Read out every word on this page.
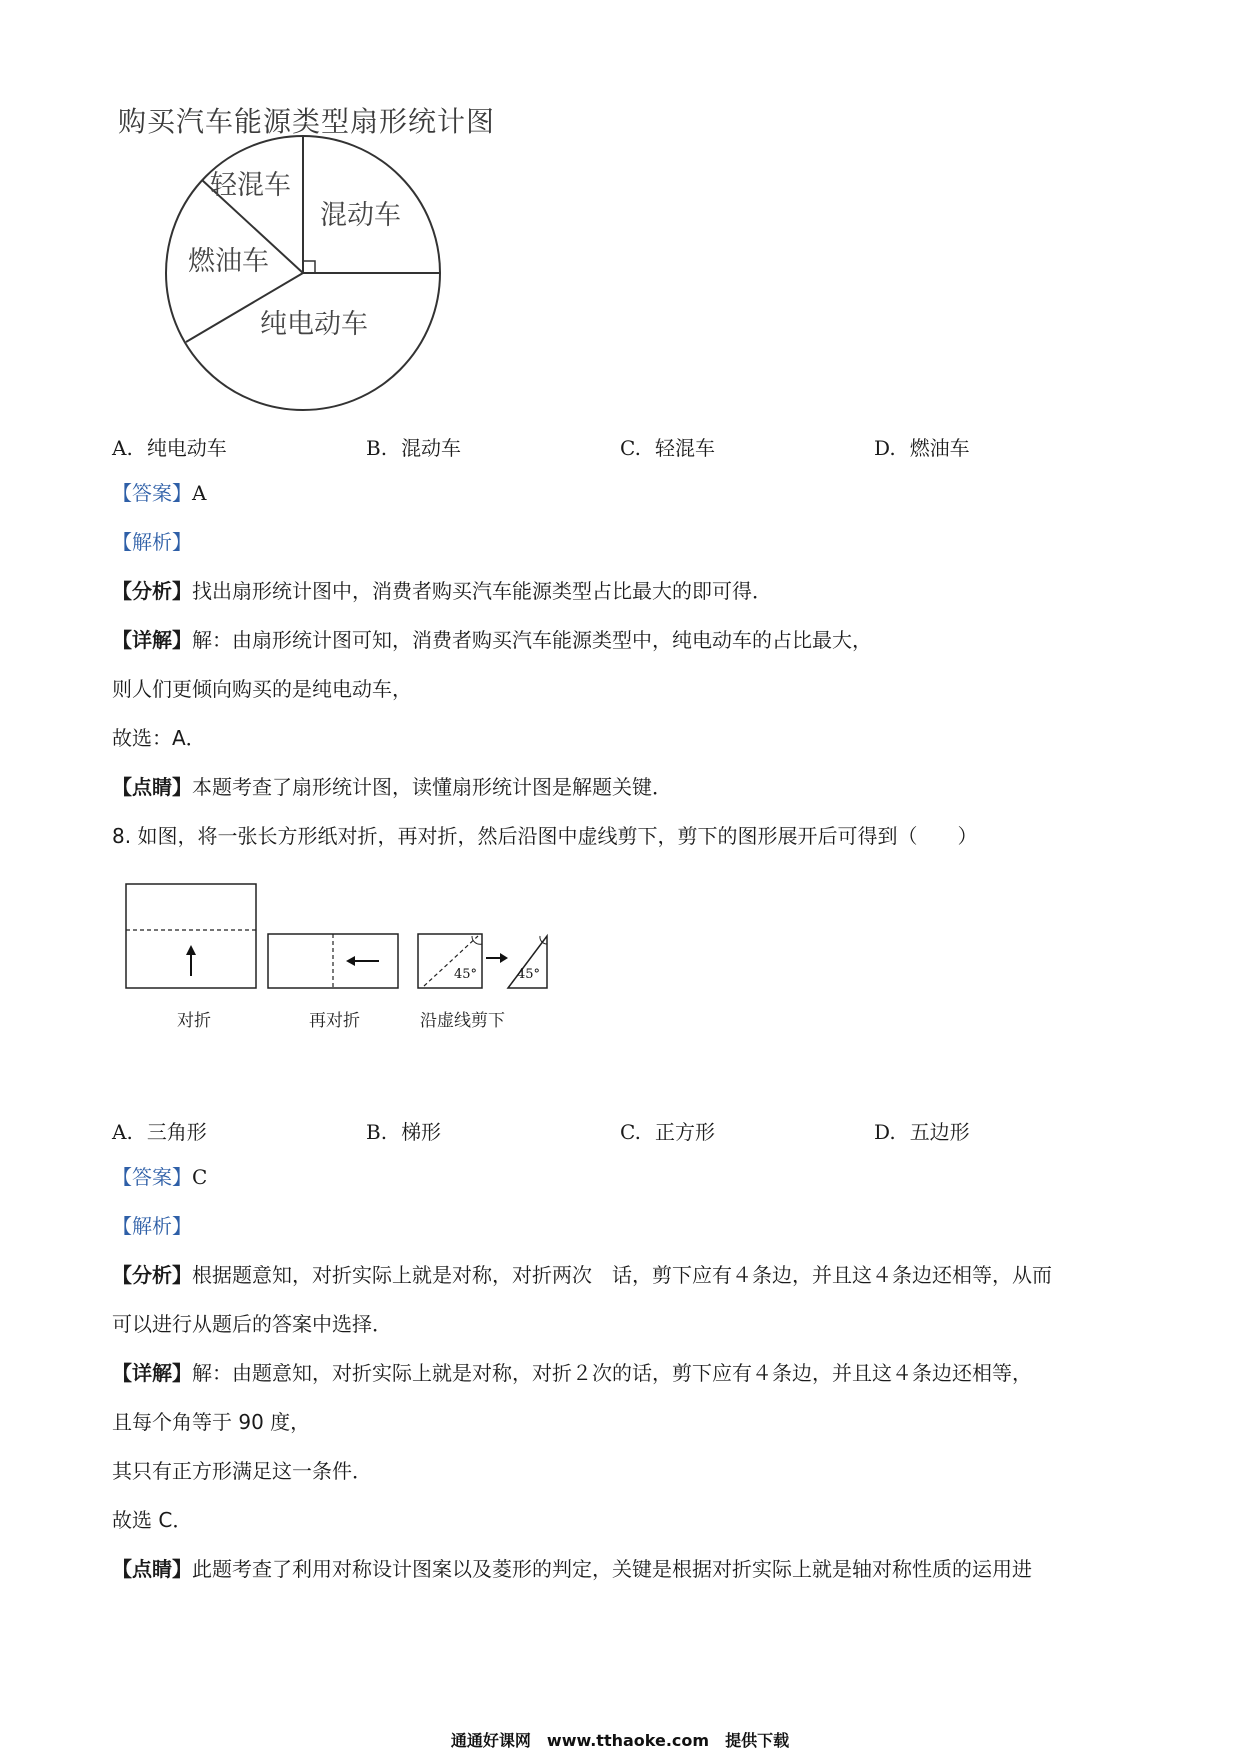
购买汽车能源类型扇形统计图
轻混车
混动车
燃油车
纯电动车
A. 纯电动车	B. 混动车	C. 轻混车	D. 燃油车
【答案】A
【解析】
【分析】找出扇形统计图中，消费者购买汽车能源类型占比最大的即可得．
【详解】解：由扇形统计图可知，消费者购买汽车能源类型中，纯电动车的占比最大，
则人们更倾向购买的是纯电动车，
故选：A．
【点睛】本题考查了扇形统计图，读懂扇形统计图是解题关键．
8. 如图，将一张长方形纸对折，再对折，然后沿图中虚线剪下，剪下的图形展开后可得到（　　）
45°	45°
对折	再对折	沿虚线剪下
A. 三角形	B. 梯形	C. 正方形	D. 五边形
【答案】C
【解析】
【分析】根据题意知，对折实际上就是对称，对折两次　话，剪下应有４条边，并且这４条边还相等，从而
可以进行从题后的答案中选择．
【详解】解：由题意知，对折实际上就是对称，对折２次的话，剪下应有４条边，并且这４条边还相等，
且每个角等于 90 度，
其只有正方形满足这一条件．
故选 C．
【点睛】此题考查了利用对称设计图案以及菱形的判定，关键是根据对折实际上就是轴对称性质的运用进
通通好课网　www.tthaoke.com　提供下载
